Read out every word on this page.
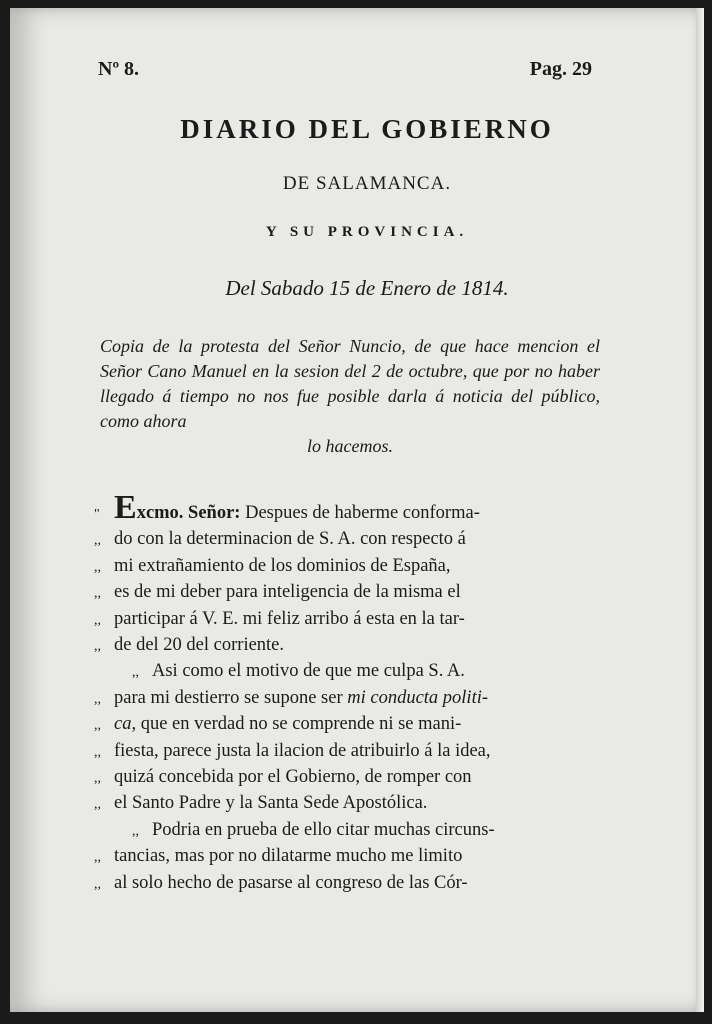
Nº 8.	Pag. 29
DIARIO DEL GOBIERNO
DE SALAMANCA.
Y SU PROVINCIA.
Del Sabado 15 de Enero de 1814.
Copia de la protesta del Señor Nuncio, de que hace mencion el Señor Cano Manuel en la sesion del 2 de octubre, que por no haber llegado á tiempo no nos fue posible darla á noticia del público, como ahora
lo hacemos.
" Excmo. Señor: Despues de haberme conforma-
,, do con la determinacion de S. A. con respecto á
,, mi extrañamiento de los dominios de España,
,, es de mi deber para inteligencia de la misma el
,, participar á V. E. mi feliz arribo á esta en la tar-
,, de del 20 del corriente.
,, Asi como el motivo de que me culpa S. A.
,, para mi destierro se supone ser mi conducta politi-
,, ca, que en verdad no se comprende ni se mani-
,, fiesta, parece justa la ilacion de atribuirlo á la idea,
,, quizá concebida por el Gobierno, de romper con
,, el Santo Padre y la Santa Sede Apostólica.
,, Podria en prueba de ello citar muchas circuns-
,, tancias, mas por no dilatarme mucho me limito
,, al solo hecho de pasarse al congreso de las Cór-
